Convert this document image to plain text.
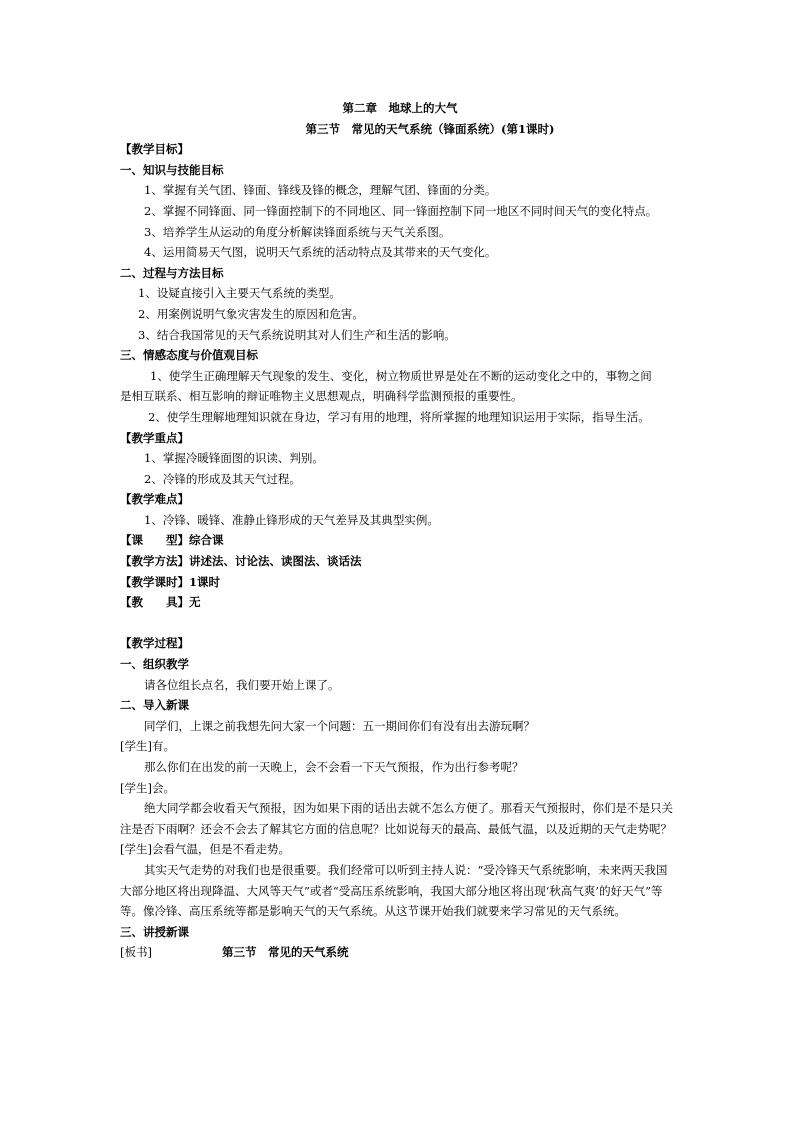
第二章　地球上的大气
第三节　常见的天气系统（锋面系统）(第1课时)
【教学目标】
一、知识与技能目标
1、掌握有关气团、锋面、锋线及锋的概念，理解气团、锋面的分类。
2、掌握不同锋面、同一锋面控制下的不同地区、同一锋面控制下同一地区不同时间天气的变化特点。
3、培养学生从运动的角度分析解读锋面系统与天气关系图。
4、运用简易天气图，说明天气系统的活动特点及其带来的天气变化。
二、过程与方法目标
1、设疑直接引入主要天气系统的类型。
2、用案例说明气象灾害发生的原因和危害。
3、结合我国常见的天气系统说明其对人们生产和生活的影响。
三、情感态度与价值观目标
1、使学生正确理解天气现象的发生、变化，树立物质世界是处在不断的运动变化之中的，事物之间
是相互联系、相互影响的辩证唯物主义思想观点，明确科学监测预报的重要性。
2、使学生理解地理知识就在身边，学习有用的地理，将所掌握的地理知识运用于实际，指导生活。
【教学重点】
1、掌握冷暖锋面图的识读、判别。
2、冷锋的形成及其天气过程。
【教学难点】
1、冷锋、暖锋、准静止锋形成的天气差异及其典型实例。
【课　　型】综合课
【教学方法】讲述法、讨论法、读图法、谈话法
【教学课时】1课时
【教　　具】无
【教学过程】
一、组织教学
请各位组长点名，我们要开始上课了。
二、导入新课
同学们，上课之前我想先问大家一个问题：五一期间你们有没有出去游玩啊？
[学生]有。
那么你们在出发的前一天晚上，会不会看一下天气预报，作为出行参考呢？
[学生]会。
绝大同学都会收看天气预报，因为如果下雨的话出去就不怎么方便了。那看天气预报时，你们是不是只关注是否下雨啊？还会不会去了解其它方面的信息呢？比如说每天的最高、最低气温，以及近期的天气走势呢？
[学生]会看气温，但是不看走势。
其实天气走势的对我们也是很重要。我们经常可以听到主持人说：“受冷锋天气系统影响，未来两天我国大部分地区将出现降温、大风等天气”或者“受高压系统影响，我国大部分地区将出现‘秋高气爽’的好天气”等等。像冷锋、高压系统等都是影响天气的天气系统。从这节课开始我们就要来学习常见的天气系统。
三、讲授新课
[板书]	第三节　常见的天气系统
